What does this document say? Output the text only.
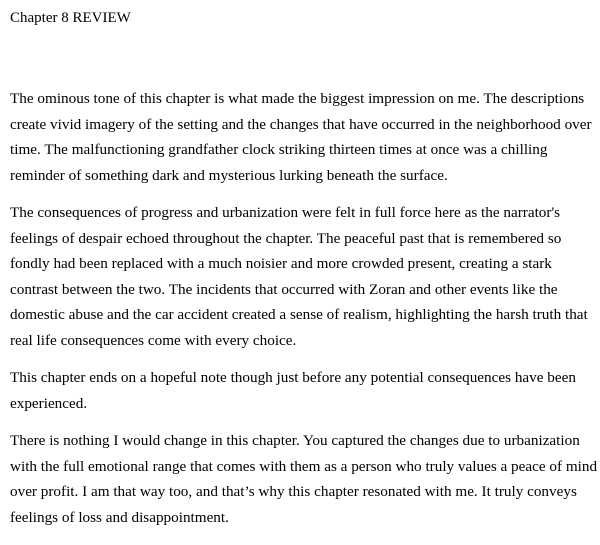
Chapter 8 REVIEW

The ominous tone of this chapter is what made the biggest impression on me. The descriptions create vivid imagery of the setting and the changes that have occurred in the neighborhood over time. The malfunctioning grandfather clock striking thirteen times at once was a chilling reminder of something dark and mysterious lurking beneath the surface.

The consequences of progress and urbanization were felt in full force here as the narrator's feelings of despair echoed throughout the chapter. The peaceful past that is remembered so fondly had been replaced with a much noisier and more crowded present, creating a stark contrast between the two. The incidents that occurred with Zoran and other events like the domestic abuse and the car accident created a sense of realism, highlighting the harsh truth that real life consequences come with every choice.

This chapter ends on a hopeful note though just before any potential consequences have been experienced.

There is nothing I would change in this chapter. You captured the changes due to urbanization with the full emotional range that comes with them as a person who truly values a peace of mind over profit. I am that way too, and that’s why this chapter resonated with me. It truly conveys feelings of loss and disappointment.
